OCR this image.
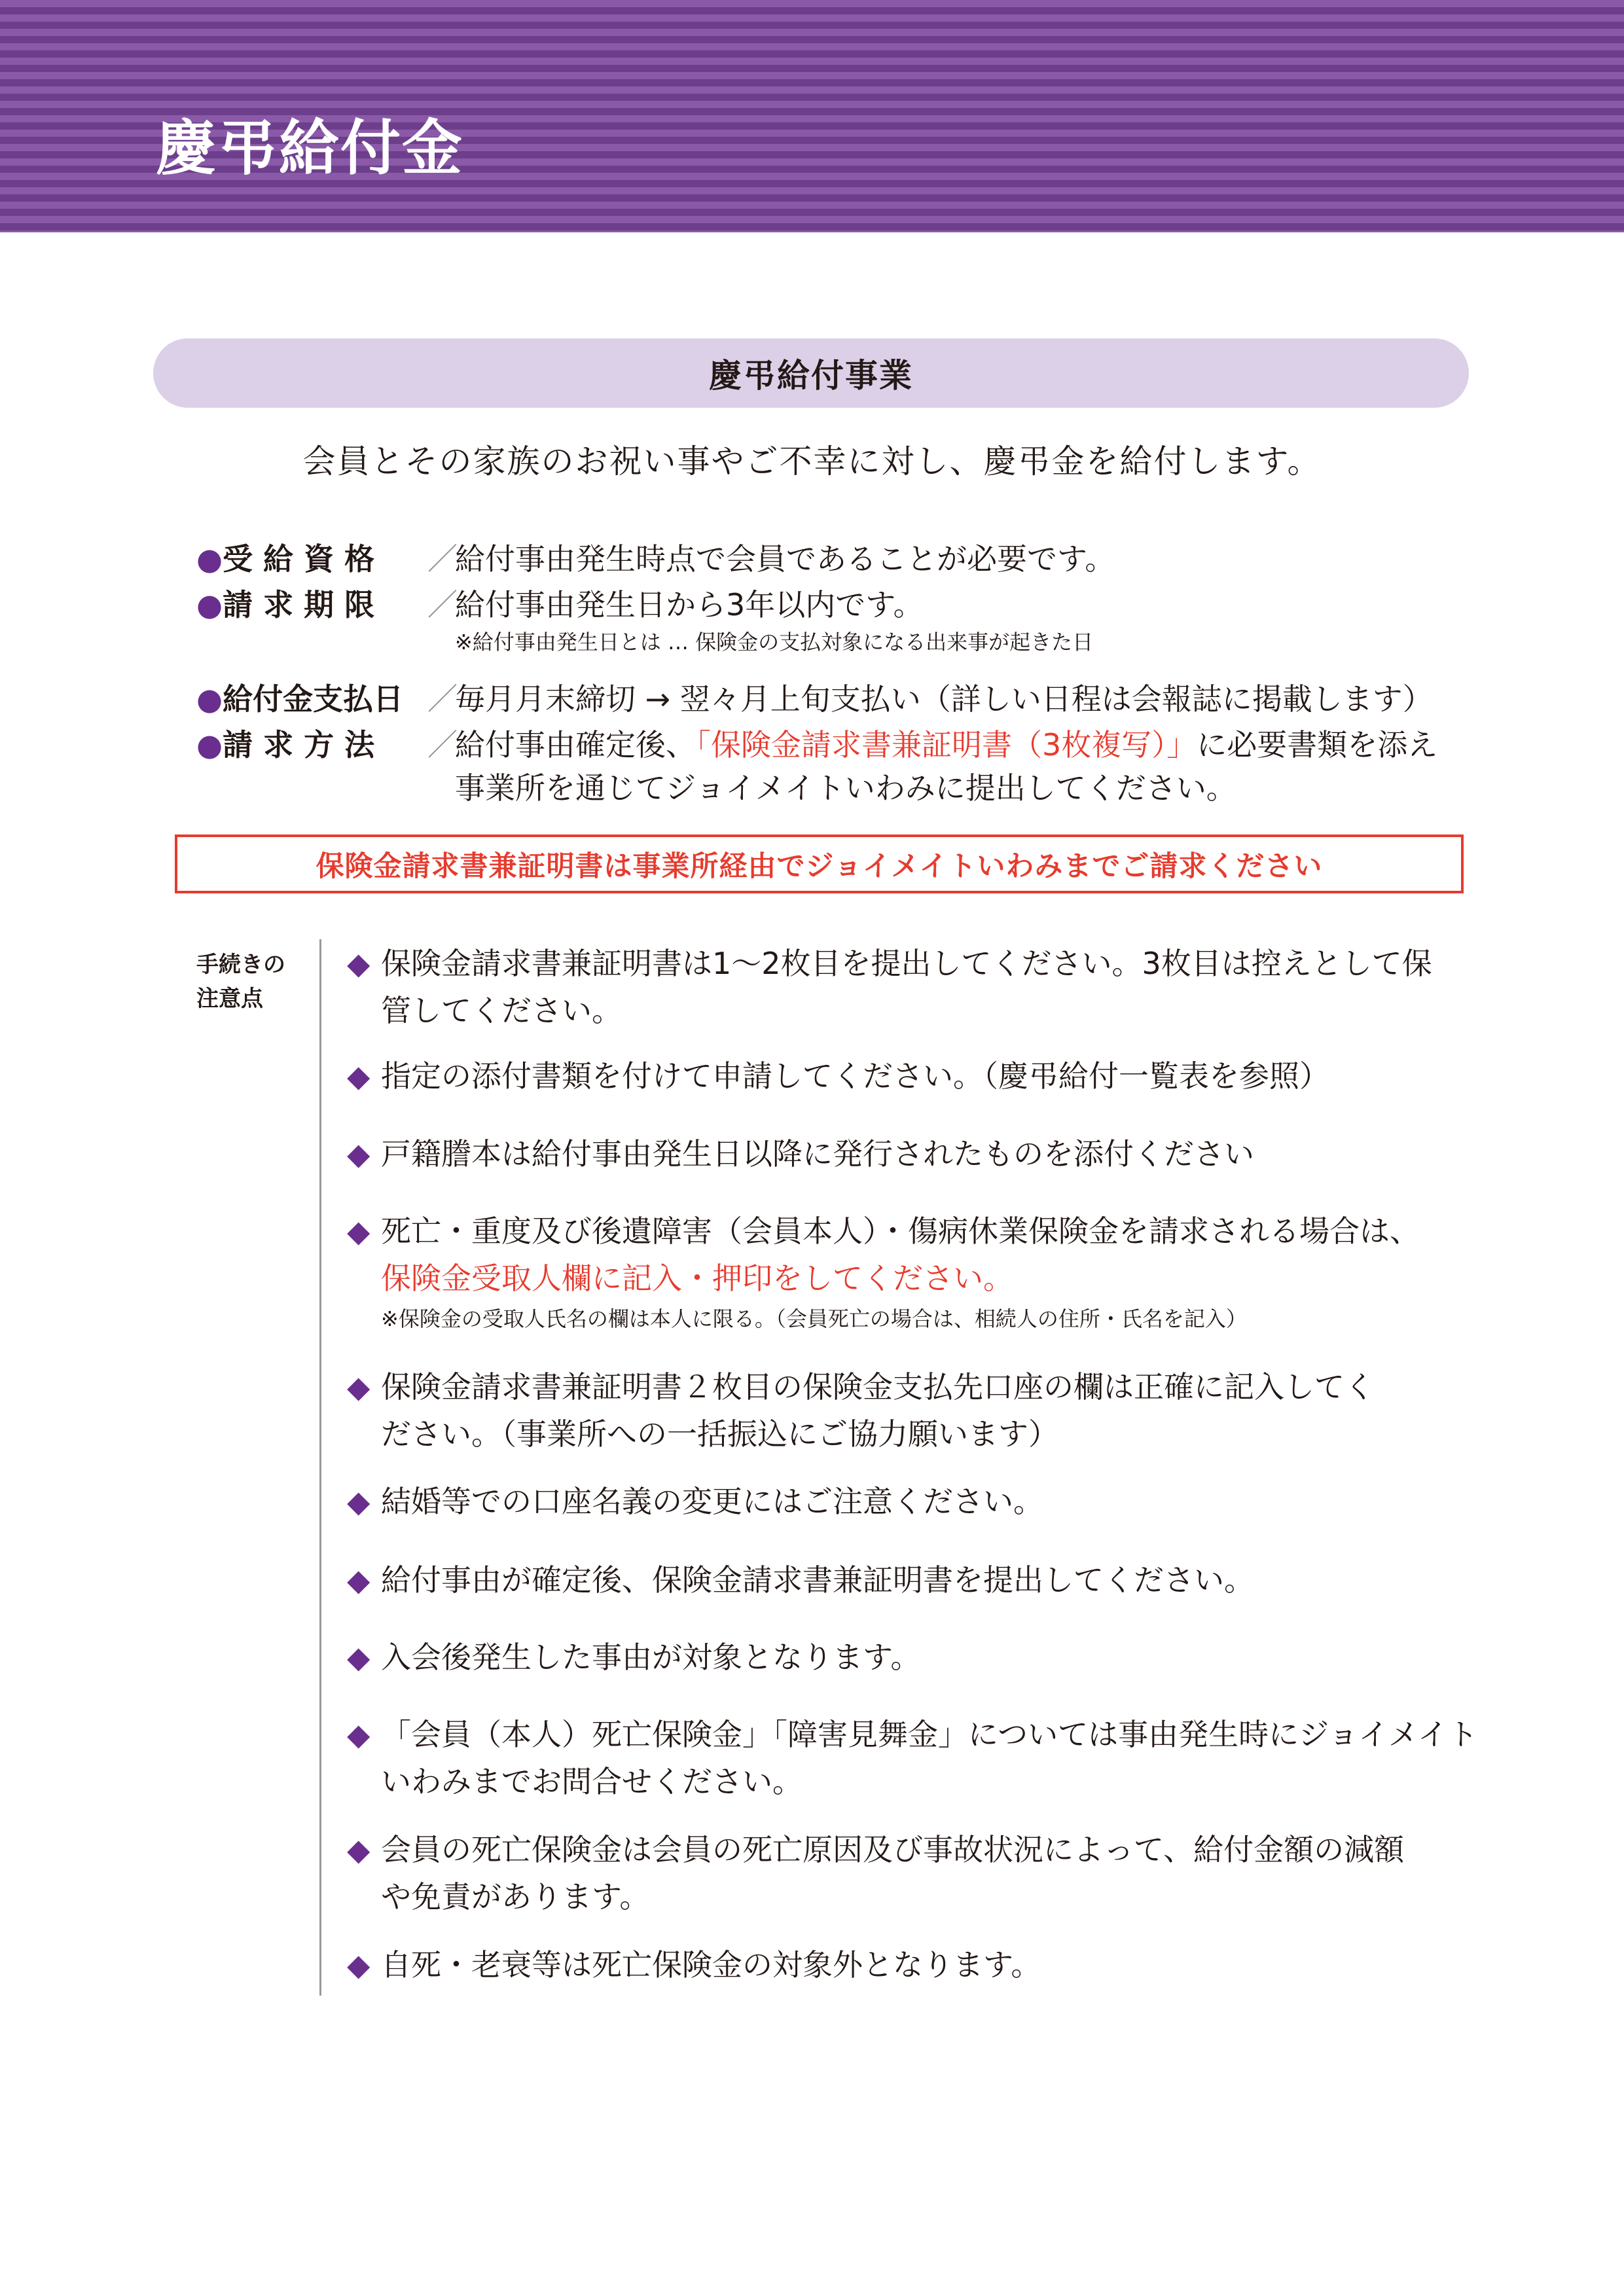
慶弔給付金
慶弔給付事業
会員とその家族のお祝い事やご不幸に対し、慶弔金を給付します。
●受 給 資 格 ／給付事由発生時点で会員であることが必要です。
●請 求 期 限 ／給付事由発生日から3年以内です。
※給付事由発生日とは … 保険金の支払対象になる出来事が起きた日
●給付金支払日 ／毎月月末締切 → 翌々月上旬支払い（詳しい日程は会報誌に掲載します）
●請 求 方 法 ／給付事由確定後、「保険金請求書兼証明書（3枚複写）」に必要書類を添え
事業所を通じてジョイメイトいわみに提出してください。
保険金請求書兼証明書は事業所経由でジョイメイトいわみまでご請求ください
手続きの
注意点
◆ 保険金請求書兼証明書は1～2枚目を提出してください。3枚目は控えとして保
管してください。
◆ 指定の添付書類を付けて申請してください。（慶弔給付一覧表を参照）
◆ 戸籍謄本は給付事由発生日以降に発行されたものを添付ください
◆ 死亡・重度及び後遺障害（会員本人）・傷病休業保険金を請求される場合は、
保険金受取人欄に記入・押印をしてください。
※保険金の受取人氏名の欄は本人に限る。（会員死亡の場合は、相続人の住所・氏名を記入）
◆ 保険金請求書兼証明書２枚目の保険金支払先口座の欄は正確に記入してく
ださい。（事業所への一括振込にご協力願います）
◆ 結婚等での口座名義の変更にはご注意ください。
◆ 給付事由が確定後、保険金請求書兼証明書を提出してください。
◆ 入会後発生した事由が対象となります。
◆ 「会員（本人）死亡保険金」「障害見舞金」については事由発生時にジョイメイト
いわみまでお問合せください。
◆ 会員の死亡保険金は会員の死亡原因及び事故状況によって、給付金額の減額
や免責があります。
◆ 自死・老衰等は死亡保険金の対象外となります。
